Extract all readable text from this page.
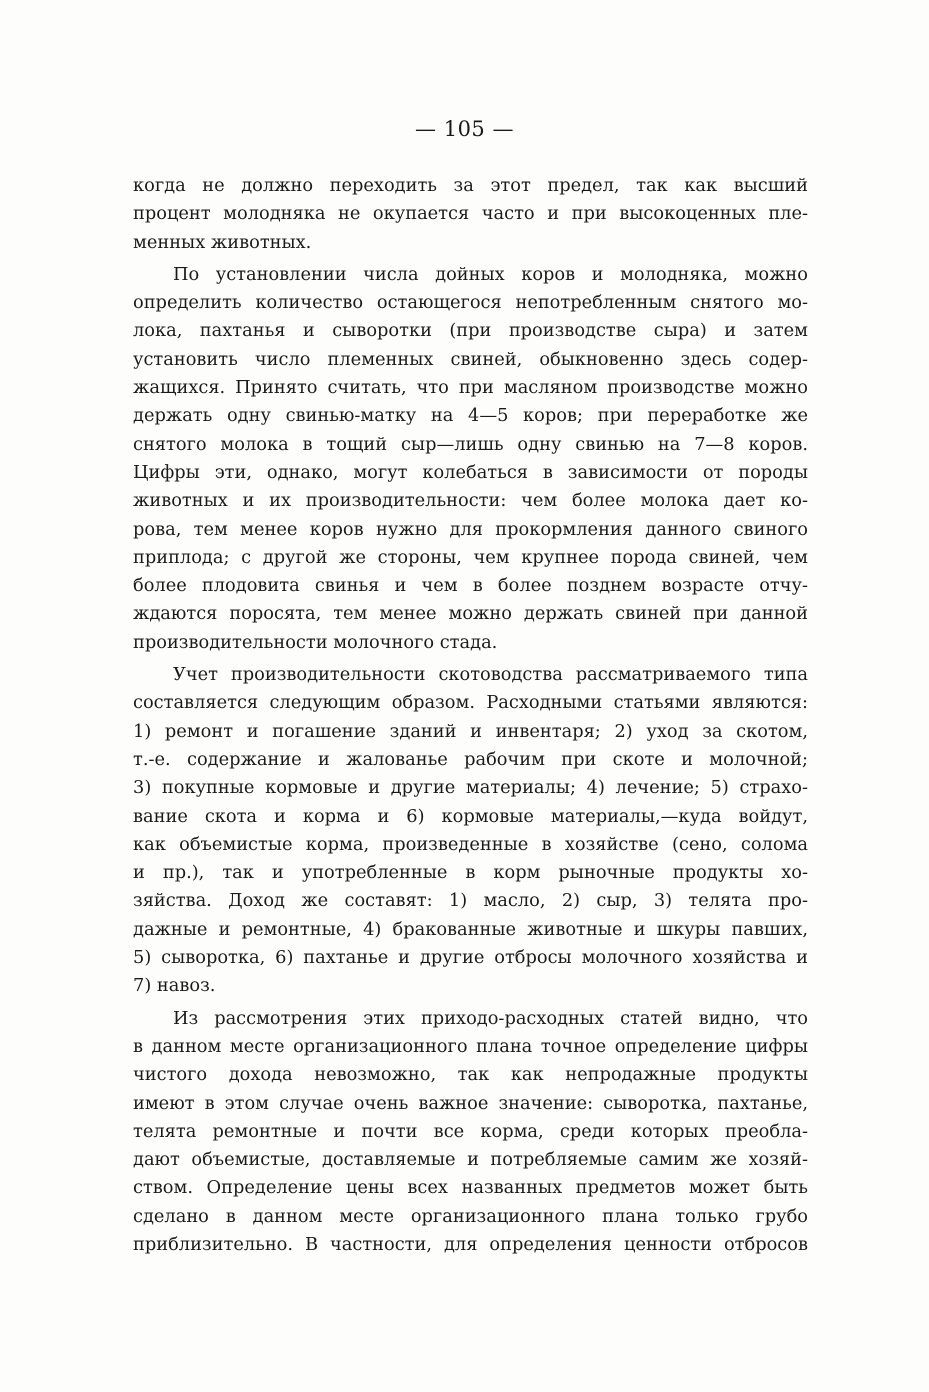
— 105 —
когда не должно переходить за этот предел, так как высший
процент молодняка не окупается часто и при высокоценных пле-
менных животных.
По установлении числа дойных коров и молодняка, можно
определить количество остающегося непотребленным снятого мо-
лока, пахтанья и сыворотки (при производстве сыра) и затем
установить число племенных свиней, обыкновенно здесь содер-
жащихся. Принято считать, что при масляном производстве можно
держать одну свинью-матку на 4—5 коров; при переработке же
снятого молока в тощий сыр—лишь одну свинью на 7—8 коров.
Цифры эти, однако, могут колебаться в зависимости от породы
животных и их производительности: чем более молока дает ко-
рова, тем менее коров нужно для прокормления данного свиного
приплода; с другой же стороны, чем крупнее порода свиней, чем
более плодовита свинья и чем в более позднем возрасте отчу-
ждаются поросята, тем менее можно держать свиней при данной
производительности молочного стада.
Учет производительности скотоводства рассматриваемого типа
составляется следующим образом. Расходными статьями являются:
1) ремонт и погашение зданий и инвентаря; 2) уход за скотом,
т.-е. содержание и жалованье рабочим при скоте и молочной;
3) покупные кормовые и другие материалы; 4) лечение; 5) страхо-
вание скота и корма и 6) кормовые материалы,—куда войдут,
как объемистые корма, произведенные в хозяйстве (сено, солома
и пр.), так и употребленные в корм рыночные продукты хо-
зяйства. Доход же составят: 1) масло, 2) сыр, 3) телята про-
дажные и ремонтные, 4) бракованные животные и шкуры павших,
5) сыворотка, 6) пахтанье и другие отбросы молочного хозяйства и
7) навоз.
Из рассмотрения этих приходо-расходных статей видно, что
в данном месте организационного плана точное определение цифры
чистого дохода невозможно, так как непродажные продукты
имеют в этом случае очень важное значение: сыворотка, пахтанье,
телята ремонтные и почти все корма, среди которых преобла-
дают объемистые, доставляемые и потребляемые самим же хозяй-
ством. Определение цены всех названных предметов может быть
сделано в данном месте организационного плана только грубо
приблизительно. В частности, для определения ценности отбросов
